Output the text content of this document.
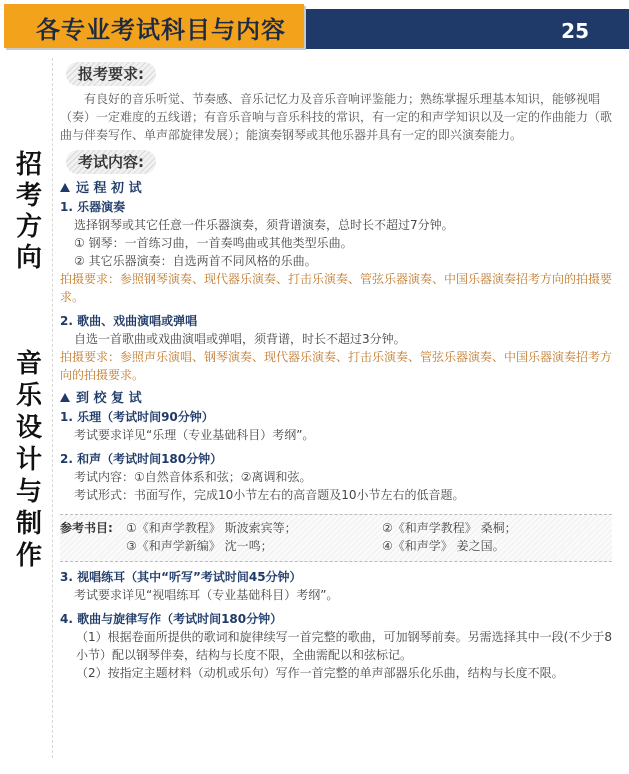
25
各专业考试科目与内容
招
考
方
向
音
乐
设
计
与
制
作
报考要求:
有良好的音乐听觉、节奏感、音乐记忆力及音乐音响评鉴能力；熟练掌握乐理基本知识，能够视唱（奏）一定难度的五线谱；有音乐音响与音乐科技的常识，有一定的和声学知识以及一定的作曲能力（歌曲与伴奏写作、单声部旋律发展）；能演奏钢琴或其他乐器并具有一定的即兴演奏能力。
考试内容:
远 程 初 试
1. 乐器演奏
选择钢琴或其它任意一件乐器演奏，须背谱演奏，总时长不超过7分钟。
① 钢琴：一首练习曲，一首奏鸣曲或其他类型乐曲。
② 其它乐器演奏：自选两首不同风格的乐曲。
拍摄要求：参照钢琴演奏、现代器乐演奏、打击乐演奏、管弦乐器演奏、中国乐器演奏招考方向的拍摄要求。
2. 歌曲、戏曲演唱或弹唱
自选一首歌曲或戏曲演唱或弹唱，须背谱，时长不超过3分钟。
拍摄要求：参照声乐演唱、钢琴演奏、现代器乐演奏、打击乐演奏、管弦乐器演奏、中国乐器演奏招考方向的拍摄要求。
到 校 复 试
1. 乐理（考试时间90分钟）
考试要求详见“乐理（专业基础科目）考纲”。
2. 和声（考试时间180分钟）
考试内容：①自然音体系和弦；②离调和弦。
考试形式：书面写作，完成10小节左右的高音题及10小节左右的低音题。
参考书目:	①《和声学教程》 斯波索宾等；	②《和声学教程》 桑桐；
③《和声学新编》 沈一鸣；	④《和声学》 姜之国。
3. 视唱练耳（其中“听写”考试时间45分钟）
考试要求详见“视唱练耳（专业基础科目）考纲”。
4. 歌曲与旋律写作（考试时间180分钟）
（1）根据卷面所提供的歌词和旋律续写一首完整的歌曲，可加钢琴前奏。另需选择其中一段(不少于8小节）配以钢琴伴奏，结构与长度不限，全曲需配以和弦标记。
（2）按指定主题材料（动机或乐句）写作一首完整的单声部器乐化乐曲，结构与长度不限。
